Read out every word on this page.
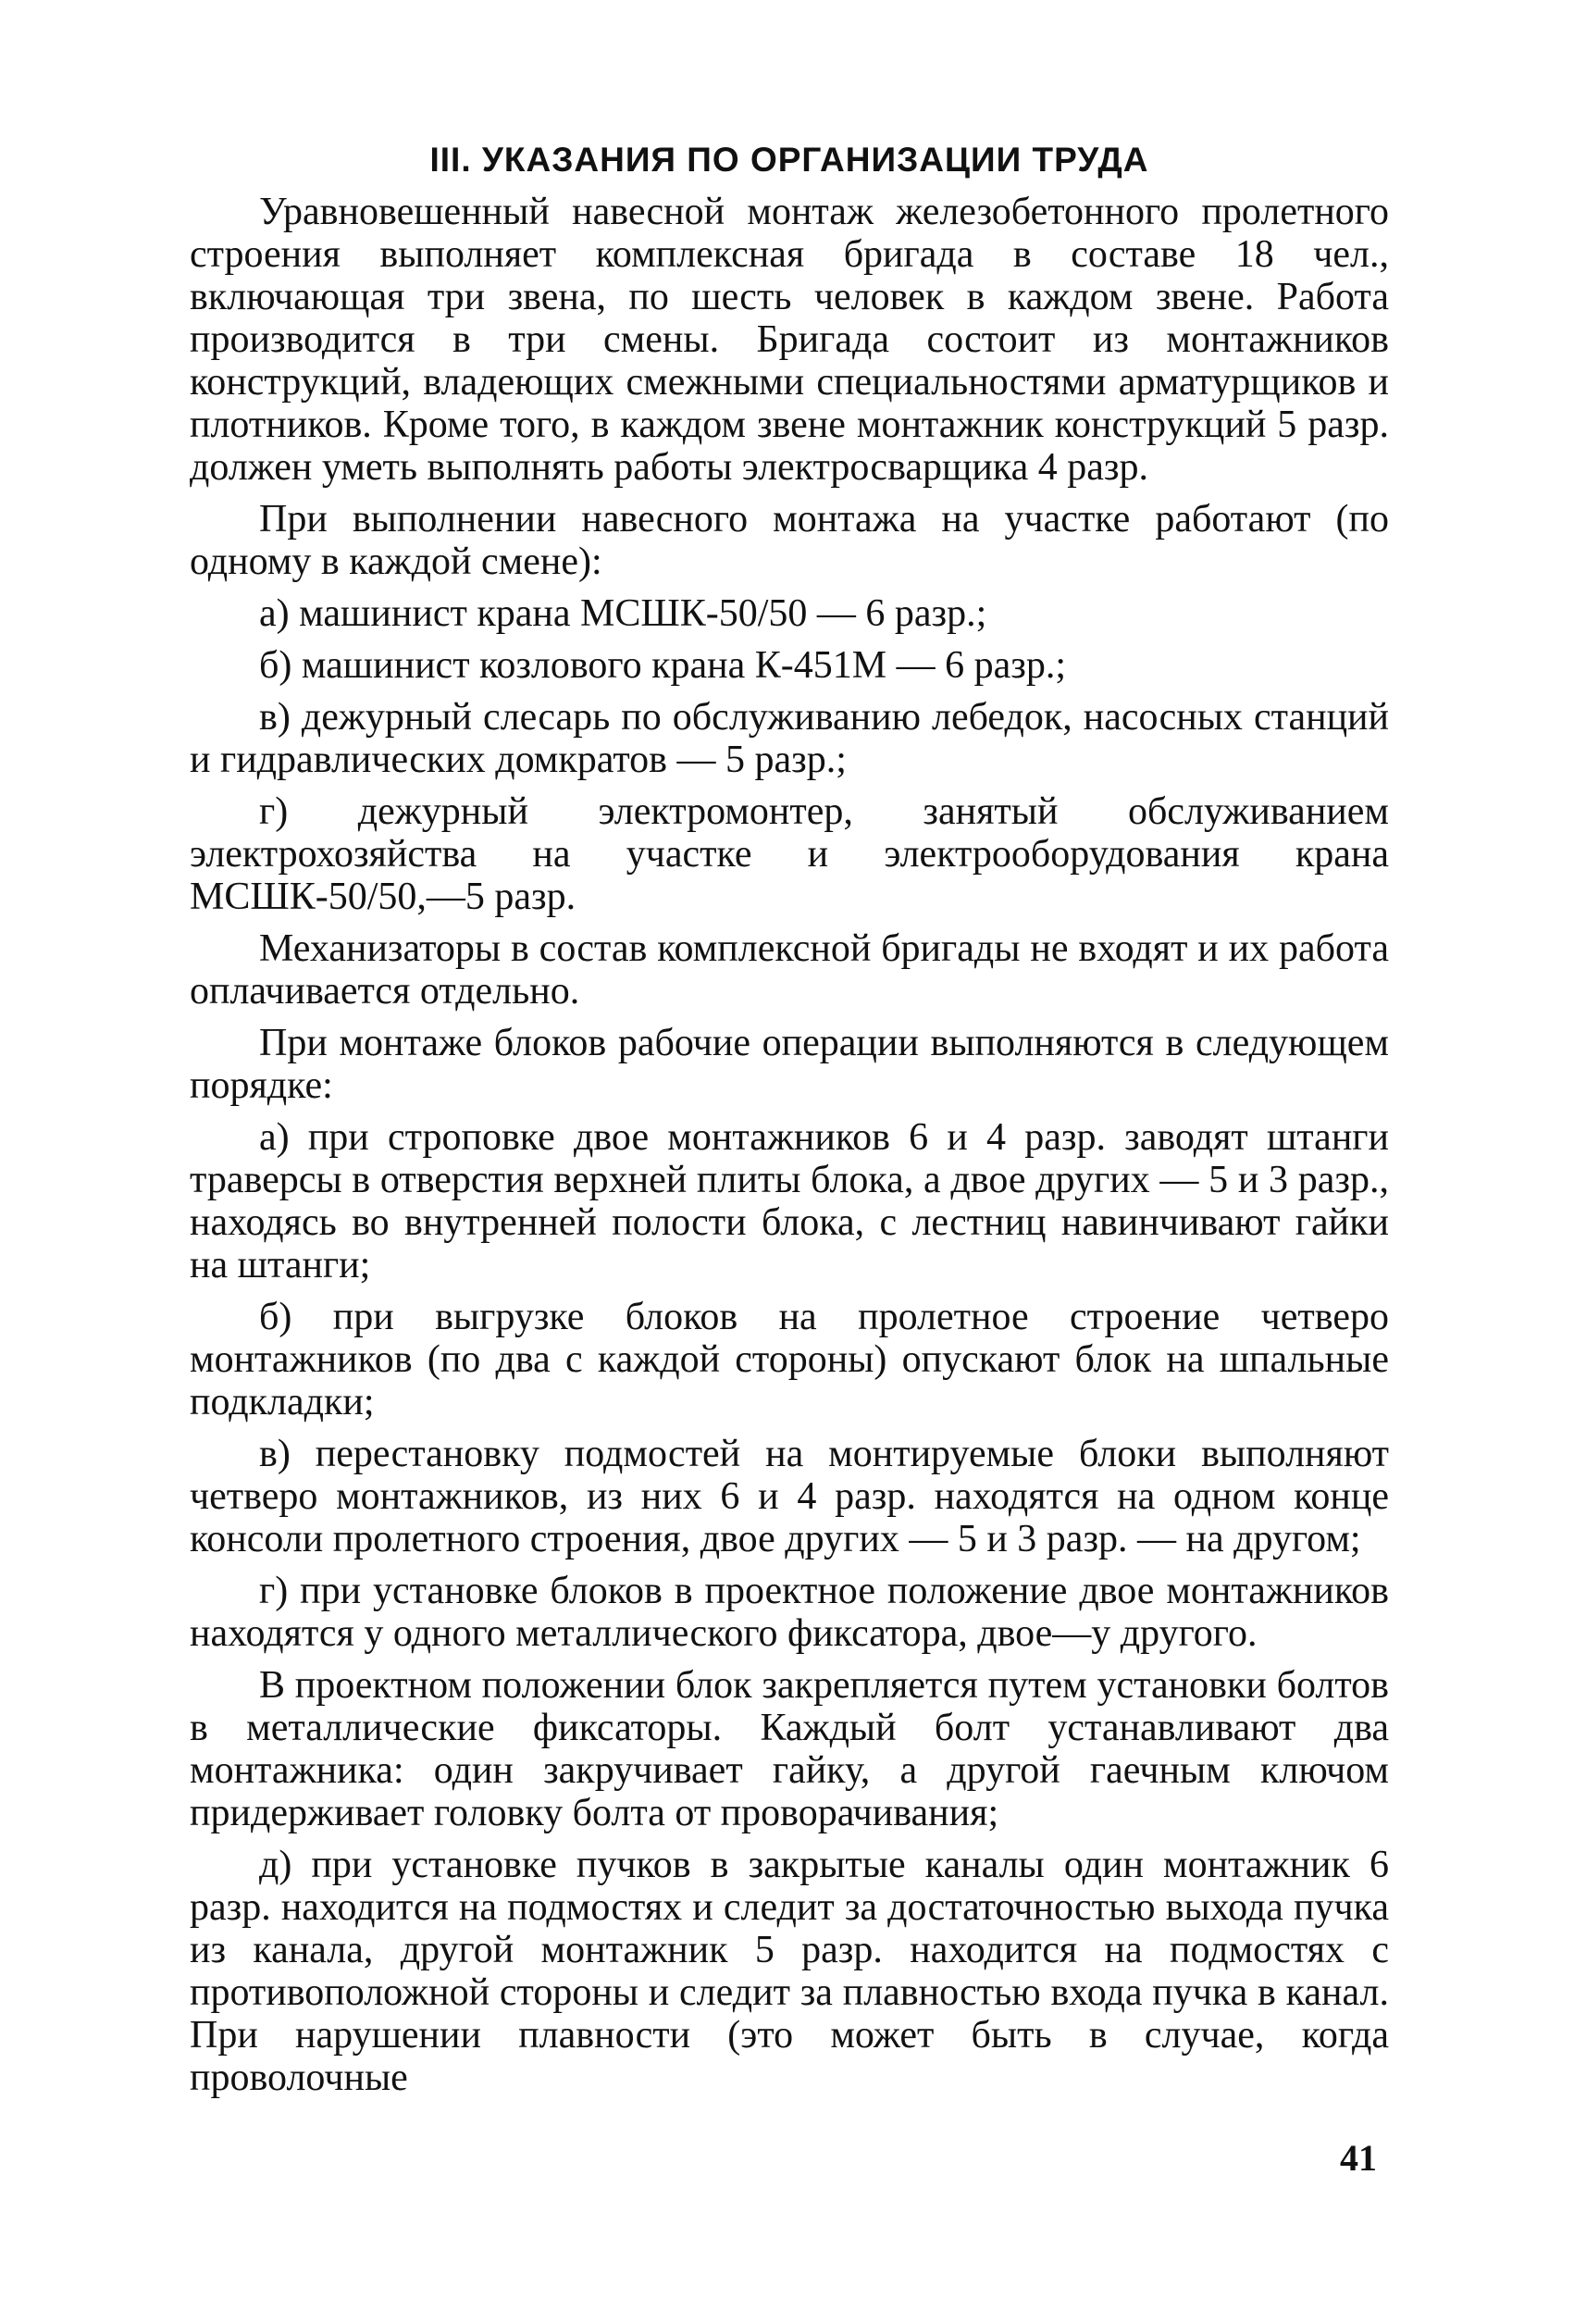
III. УКАЗАНИЯ ПО ОРГАНИЗАЦИИ ТРУДА

Уравновешенный навесной монтаж железобетонного пролетного строения выполняет комплексная бригада в составе 18 чел., включающая три звена, по шесть человек в каждом звене. Работа производится в три смены. Бригада состоит из монтажников конструкций, владеющих смежными специальностями арматурщиков и плотников. Кроме того, в каждом звене монтажник конструкций 5 разр. должен уметь выполнять работы электросварщика 4 разр.

При выполнении навесного монтажа на участке работают (по одному в каждой смене):

а) машинист крана МСШК-50/50 — 6 разр.;

б) машинист козлового крана К-451М — 6 разр.;

в) дежурный слесарь по обслуживанию лебедок, насосных станций и гидравлических домкратов — 5 разр.;

г) дежурный электромонтер, занятый обслуживанием электрохозяйства на участке и электрооборудования крана МСШК-50/50,—5 разр.

Механизаторы в состав комплексной бригады не входят и их работа оплачивается отдельно.

При монтаже блоков рабочие операции выполняются в следующем порядке:

а) при строповке двое монтажников 6 и 4 разр. заводят штанги траверсы в отверстия верхней плиты блока, а двое других — 5 и 3 разр., находясь во внутренней полости блока, с лестниц навинчивают гайки на штанги;

б) при выгрузке блоков на пролетное строение четверо монтажников (по два с каждой стороны) опускают блок на шпальные подкладки;

в) перестановку подмостей на монтируемые блоки выполняют четверо монтажников, из них 6 и 4 разр. находятся на одном конце консоли пролетного строения, двое других — 5 и 3 разр. — на другом;

г) при установке блоков в проектное положение двое монтажников находятся у одного металлического фиксатора, двое—у другого.

В проектном положении блок закрепляется путем установки болтов в металлические фиксаторы. Каждый болт устанавливают два монтажника: один закручивает гайку, а другой гаечным ключом придерживает головку болта от проворачивания;

д) при установке пучков в закрытые каналы один монтажник 6 разр. находится на подмостях и следит за достаточностью выхода пучка из канала, другой монтажник 5 разр. находится на подмостях с противоположной стороны и следит за плавностью входа пучка в канал. При нарушении плавности (это может быть в случае, когда проволочные

41
